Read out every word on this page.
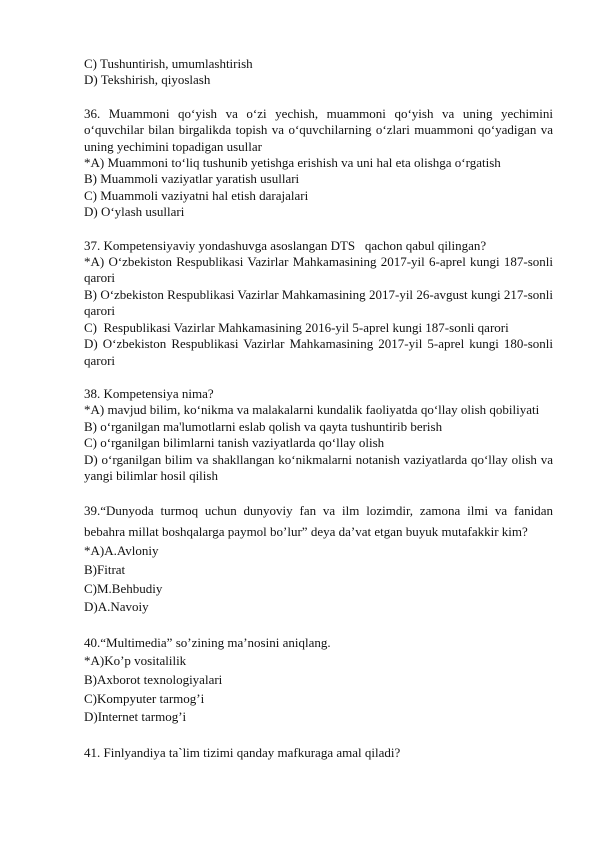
C) Tushuntirish, umumlashtirish
D) Tekshirish, qiyoslash
36. Muammoni qo‘yish va o‘zi yechish, muammoni qo‘yish va uning yechimini o‘quvchilar bilan birgalikda topish va o‘quvchilarning o‘zlari muammoni qo‘yadigan va uning yechimini topadigan usullar
*A) Muammoni to‘liq tushunib yetishga erishish va uni hal eta olishga o‘rgatish
B) Muammoli vaziyatlar yaratish usullari
C) Muammoli vaziyatni hal etish darajalari
D) O‘ylash usullari
37. Kompetensiyaviy yondashuvga asoslangan DTS   qachon qabul qilingan?
*A) O‘zbekiston Respublikasi Vazirlar Mahkamasining 2017-yil 6-aprel kungi 187-sonli qarori
B) O‘zbekiston Respublikasi Vazirlar Mahkamasining 2017-yil 26-avgust kungi 217-sonli qarori
C)  Respublikasi Vazirlar Mahkamasining 2016-yil 5-aprel kungi 187-sonli qarori
D) O‘zbekiston Respublikasi Vazirlar Mahkamasining 2017-yil 5-aprel kungi 180-sonli qarori
38. Kompetensiya nima?
*A) mavjud bilim, ko‘nikma va malakalarni kundalik faoliyatda qo‘llay olish qobiliyati
B) o‘rganilgan ma'lumotlarni eslab qolish va qayta tushuntirib berish
C) o‘rganilgan bilimlarni tanish vaziyatlarda qo‘llay olish
D) o‘rganilgan bilim va shakllangan ko‘nikmalarni notanish vaziyatlarda qo‘llay olish va yangi bilimlar hosil qilish
39.“Dunyoda turmoq uchun dunyoviy fan va ilm lozimdir, zamona ilmi va fanidan bebahra millat boshqalarga paymol bo’lur” deya da’vat etgan buyuk mutafakkir kim?
*A)A.Avloniy
B)Fitrat
C)M.Behbudiy
D)A.Navoiy
40.“Multimedia” so’zining ma’nosini aniqlang.
*A)Ko’p vositalilik
B)Axborot texnologiyalari
C)Kompyuter tarmog’i
D)Internet tarmog’i
41. Finlyandiya ta`lim tizimi qanday mafkuraga amal qiladi?
